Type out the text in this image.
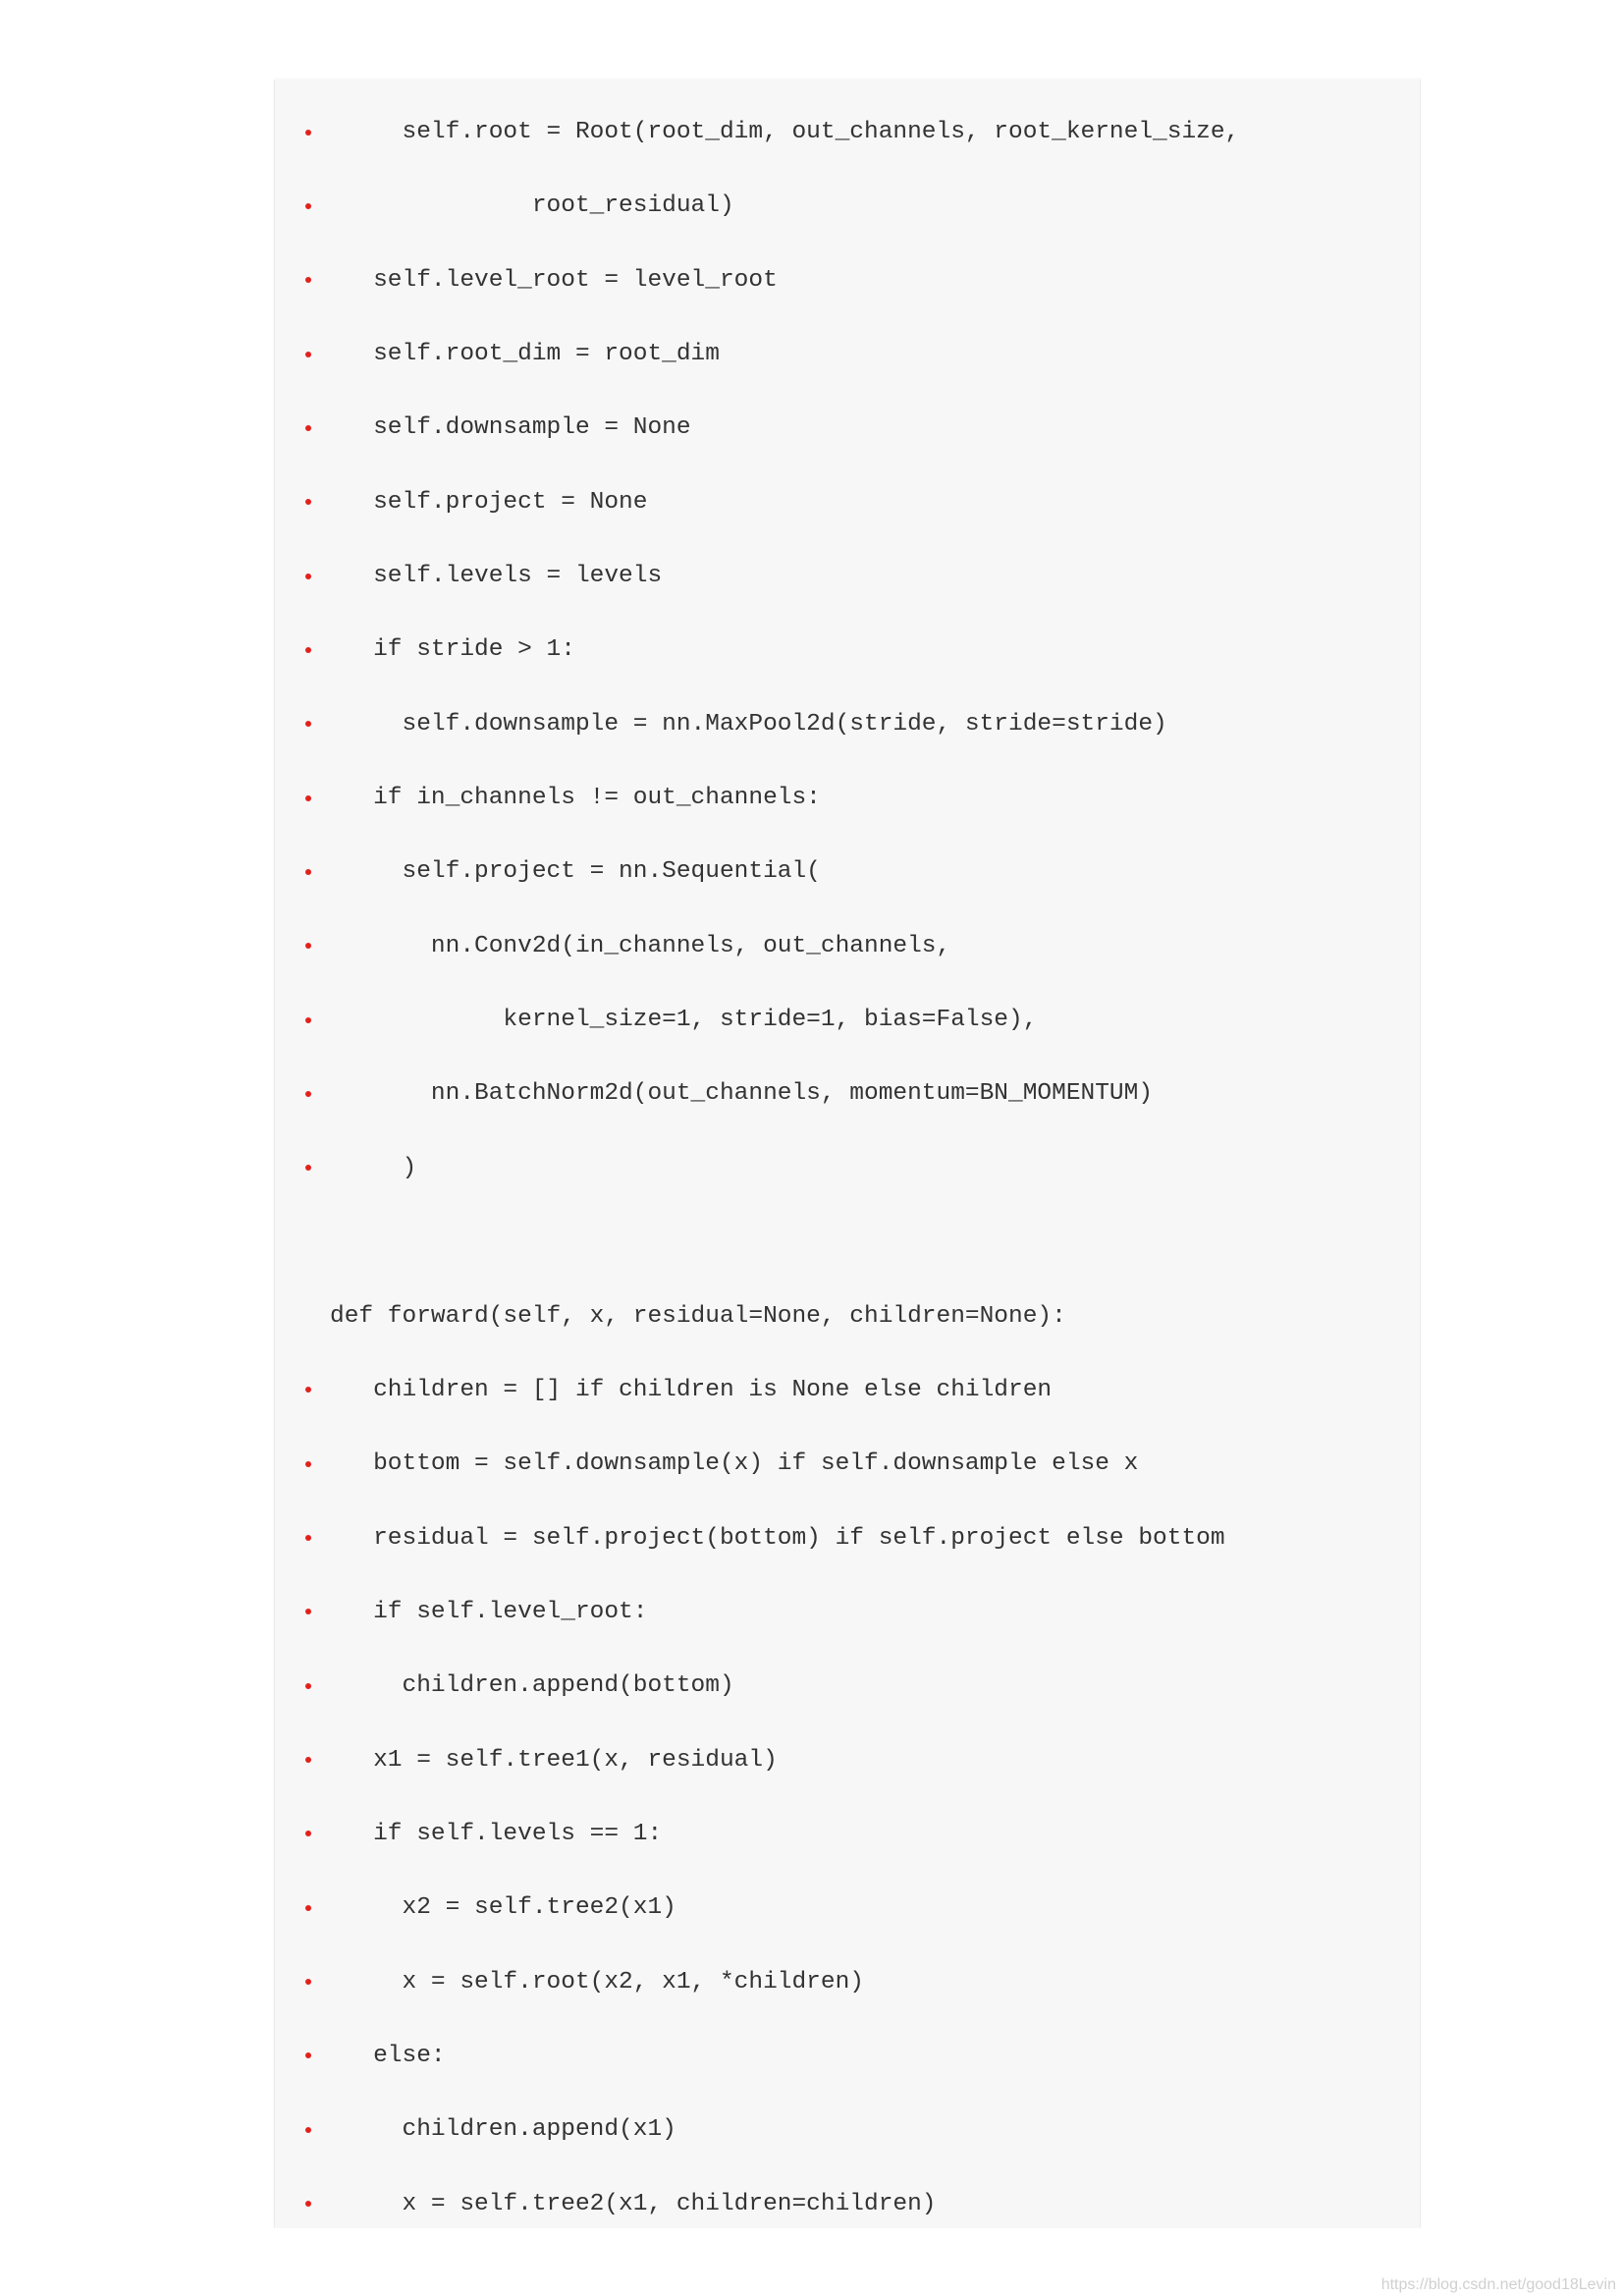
self.root = Root(root_dim, out_channels, root_kernel_size,
root_residual)
self.level_root = level_root
self.root_dim = root_dim
self.downsample = None
self.project = None
self.levels = levels
if stride > 1:
self.downsample = nn.MaxPool2d(stride, stride=stride)
if in_channels != out_channels:
self.project = nn.Sequential(
nn.Conv2d(in_channels, out_channels,
kernel_size=1, stride=1, bias=False),
nn.BatchNorm2d(out_channels, momentum=BN_MOMENTUM)
)
def forward(self, x, residual=None, children=None):
children = [] if children is None else children
bottom = self.downsample(x) if self.downsample else x
residual = self.project(bottom) if self.project else bottom
if self.level_root:
children.append(bottom)
x1 = self.tree1(x, residual)
if self.levels == 1:
x2 = self.tree2(x1)
x = self.root(x2, x1, *children)
else:
children.append(x1)
x = self.tree2(x1, children=children)
https://blog.csdn.net/good18Levin
